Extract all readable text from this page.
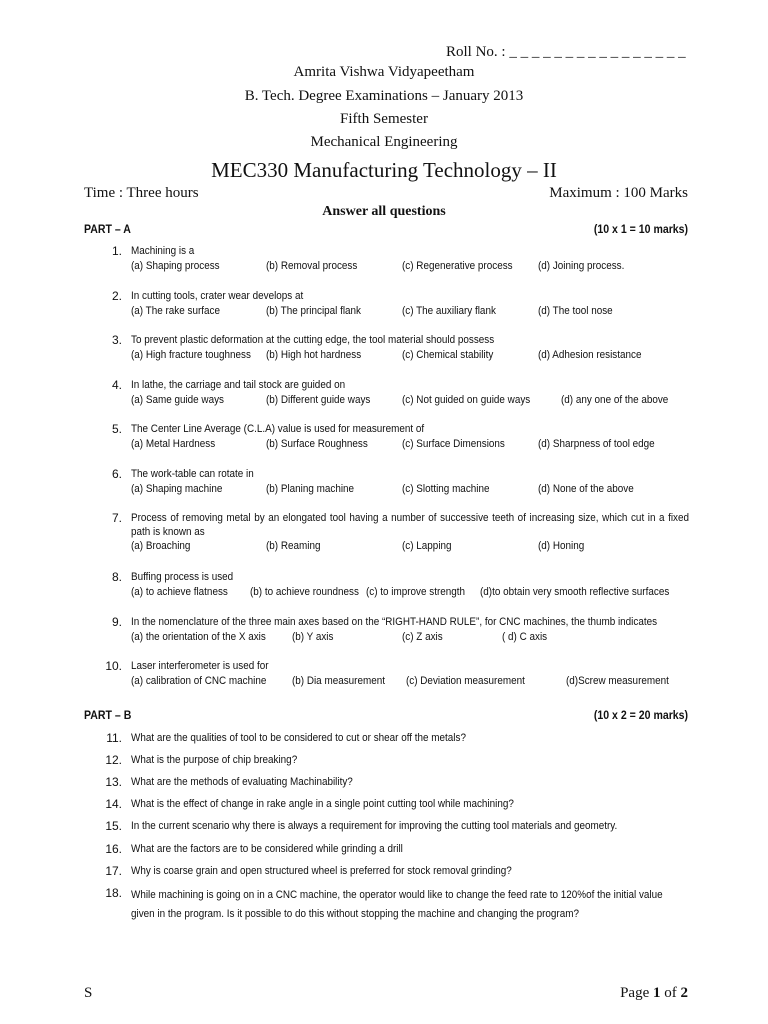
Roll No. : _ _ _ _ _ _ _ _ _ _ _ _ _ _ _ _
Amrita Vishwa Vidyapeetham
B. Tech. Degree Examinations – January 2013
Fifth Semester
Mechanical Engineering
MEC330 Manufacturing Technology – II
Time : Three hours	Maximum : 100 Marks
Answer all questions
PART – A	(10 x 1 = 10 marks)
1. Machining is a
(a) Shaping process	(b) Removal process	(c) Regenerative process (d) Joining process.
2. In cutting tools, crater wear develops at
(a) The rake surface	(b) The principal flank	(c) The auxiliary flank	(d) The tool nose
3. To prevent plastic deformation at the cutting edge, the tool material should possess
(a) High fracture toughness (b) High hot hardness	(c) Chemical stability	(d) Adhesion resistance
4. In lathe, the carriage and tail stock are guided on
(a) Same guide ways	(b) Different guide ways	(c) Not guided on guide ways	(d) any one of the above
5. The Center Line Average (C.L.A) value is used for measurement of
(a) Metal Hardness	(b) Surface Roughness	(c) Surface Dimensions	(d) Sharpness of tool edge
6. The work-table can rotate in
(a) Shaping machine	(b) Planing machine	(c) Slotting machine	(d) None of the above
7. Process of removing metal by an elongated tool having a number of successive teeth of increasing size, which cut in a fixed path is known as
(a) Broaching	(b) Reaming	(c) Lapping	(d) Honing
8. Buffing process is used
(a) to achieve flatness (b) to achieve roundness (c) to improve strength (d)to obtain very smooth reflective surfaces
9. In the nomenclature of the three main axes based on the “RIGHT-HAND RULE”, for CNC machines, the thumb indicates
(a) the orientation of the X axis (b) Y axis	(c) Z axis	( d) C axis
10. Laser interferometer is used for
(a) calibration of CNC machine (b) Dia measurement (c) Deviation measurement	(d)Screw measurement
PART – B	(10 x 2 = 20 marks)
11. What are the qualities of tool to be considered to cut or shear off the metals?
12. What is the purpose of chip breaking?
13. What are the methods of evaluating Machinability?
14. What is the effect of change in rake angle in a single point cutting tool while machining?
15. In the current scenario why there is always a requirement for improving the cutting tool materials and geometry.
16. What are the factors are to be considered while grinding a drill
17. Why is coarse grain and open structured wheel is preferred for stock removal grinding?
18. While machining is going on in a CNC machine, the operator would like to change the feed rate to 120%of the initial value given in the program. Is it possible to do this without stopping the machine and changing the program?
S	Page 1 of 2
